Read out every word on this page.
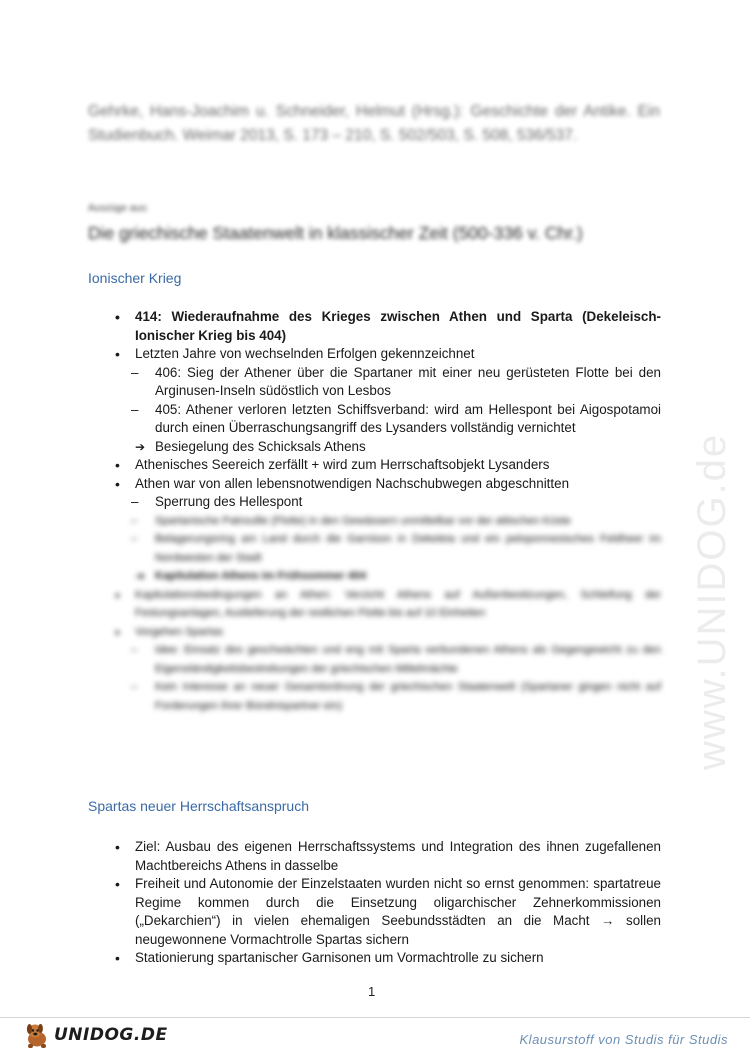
www.UNIDOG.de
Gehrke, Hans-Joachim u. Schneider, Helmut (Hrsg.): Geschichte der Antike. Ein Studienbuch. Weimar 2013, S. 173 – 210, S. 502/503, S. 508, 536/537.
Auszüge aus:
Die griechische Staatenwelt in klassischer Zeit (500-336 v. Chr.)
Ionischer Krieg
• 414: Wiederaufnahme des Krieges zwischen Athen und Sparta (Dekeleisch-Ionischer Krieg bis 404)
• Letzten Jahre von wechselnden Erfolgen gekennzeichnet
– 406: Sieg der Athener über die Spartaner mit einer neu gerüsteten Flotte bei den Arginusen-Inseln südöstlich von Lesbos
– 405: Athener verloren letzten Schiffsverband: wird am Hellespont bei Aigospotamoi durch einen Überraschungsangriff des Lysanders vollständig vernichtet
➔ Besiegelung des Schicksals Athens
• Athenisches Seereich zerfällt + wird zum Herrschaftsobjekt Lysanders
• Athen war von allen lebensnotwendigen Nachschubwegen abgeschnitten
– Sperrung des Hellespont
– Spartanische Patrouille (Flotte) in den Gewässern unmittelbar vor der attischen Küste
– Belagerungsring am Land durch die Garnison in Dekeleia und ein peloponnesisches Feldheer im Nordwesten der Stadt
➔ Kapitulation Athens im Frühsommer 404
• Kapitulationsbedingungen an Athen: Verzicht Athens auf Außenbesitzungen, Schleifung der Festungsanlagen, Auslieferung der restlichen Flotte bis auf 10 Einheiten
• Vorgehen Spartas
– Idee: Einsatz des geschwächten und eng mit Sparta verbundenen Athens als Gegengewicht zu den Eigenständigkeitsbestrebungen der griechischen Mittelmächte
– Kein Interesse an neuer Gesamtordnung der griechischen Staatenwelt (Spartaner gingen nicht auf Forderungen ihrer Bündnispartner ein)
Spartas neuer Herrschaftsanspruch
• Ziel: Ausbau des eigenen Herrschaftssystems und Integration des ihnen zugefallenen Machtbereichs Athens in dasselbe
• Freiheit und Autonomie der Einzelstaaten wurden nicht so ernst genommen: spartatreue Regime kommen durch die Einsetzung oligarchischer Zehnerkommissionen („Dekarchien“) in vielen ehemaligen Seebundsstädten an die Macht → sollen neugewonnene Vormachtrolle Spartas sichern
• Stationierung spartanischer Garnisonen um Vormachtrolle zu sichern
1
UNIDOG.DE	Klausurstoff von Studis für Studis
